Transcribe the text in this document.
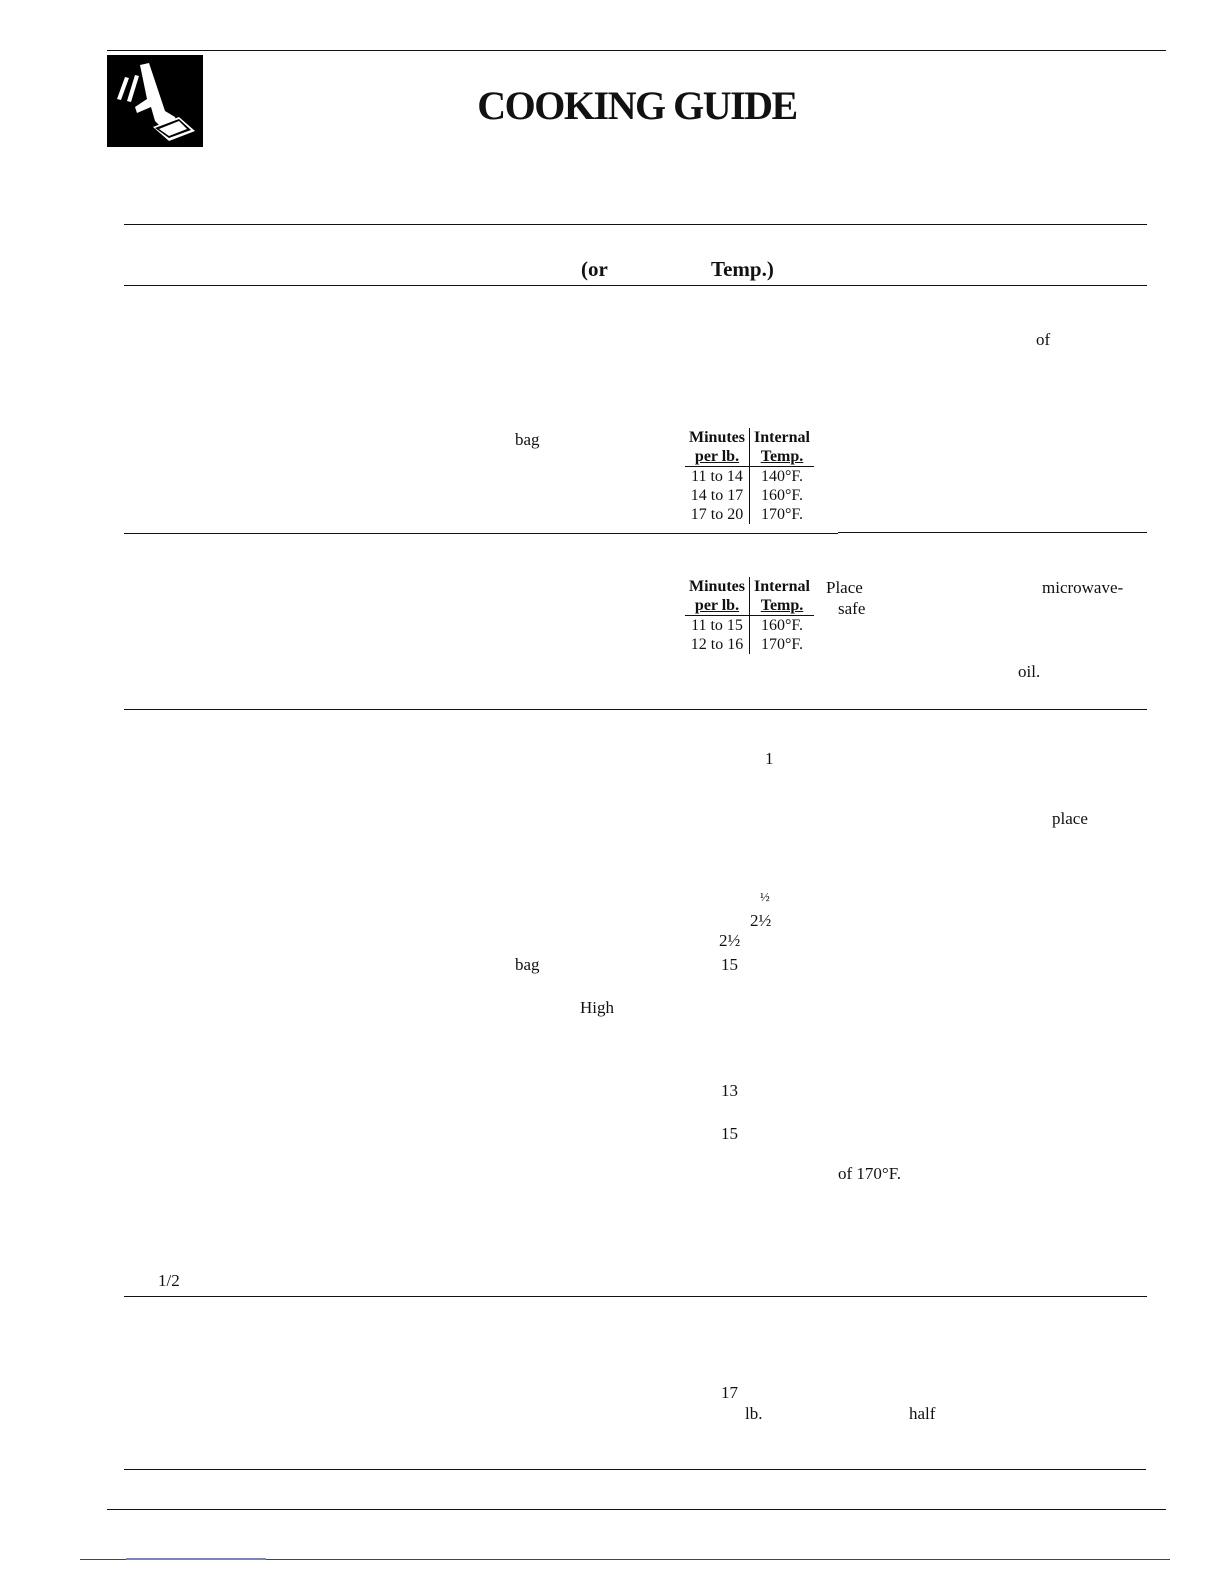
COOKING GUIDE
(or	Temp.)
of
bag	Minutes	Internal
per lb.	Temp.
11 to 14	140°F.
14 to 17	160°F.
17 to 20	170°F.
Minutes	Internal
per lb.	Temp.
11 to 15	160°F.
12 to 16	170°F.
Place	microwave-
safe
oil.
1
place
½
2½
2½
bag	15
High
13
15
of 170°F.
1/2
17
lb.	half
